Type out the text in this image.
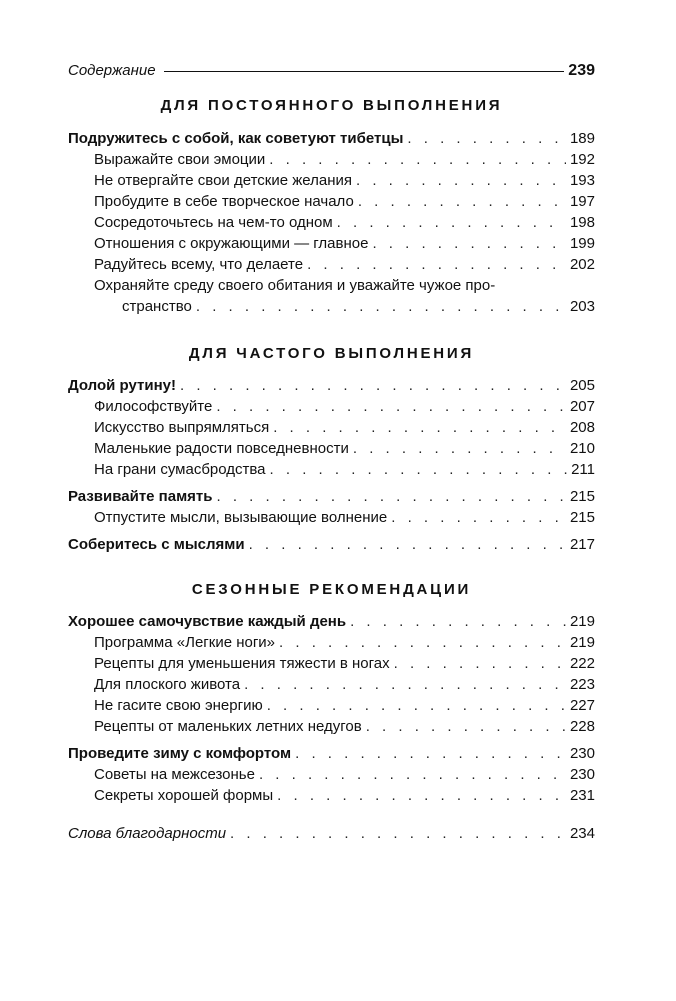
Содержание	239
ДЛЯ ПОСТОЯННОГО ВЫПОЛНЕНИЯ
Подружитесь с собой, как советуют тибетцы . . .	189
Выражайте свои эмоции . . .	192
Не отвергайте свои детские желания . . .	193
Пробудите в себе творческое начало . . .	197
Сосредоточьтесь на чем-то одном . . .	198
Отношения с окружающими — главное . . .	199
Радуйтесь всему, что делаете . . .	202
Охраняйте среду своего обитания и уважайте чужое про-
странство . . .	203
ДЛЯ ЧАСТОГО ВЫПОЛНЕНИЯ
Долой рутину! . . .	205
Философствуйте . . .	207
Искусство выпрямляться . . .	208
Маленькие радости повседневности . . .	210
На грани сумасбродства . . .	211
Развивайте память . . .	215
Отпустите мысли, вызывающие волнение . . .	215
Соберитесь с мыслями . . .	217
СЕЗОННЫЕ РЕКОМЕНДАЦИИ
Хорошее самочувствие каждый день . . .	219
Программа «Легкие ноги» . . .	219
Рецепты для уменьшения тяжести в ногах . . .	222
Для плоского живота . . .	223
Не гасите свою энергию . . .	227
Рецепты от маленьких летних недугов . . .	228
Проведите зиму с комфортом . . .	230
Советы на межсезонье . . .	230
Секреты хорошей формы . . .	231
Слова благодарности . . .	234
